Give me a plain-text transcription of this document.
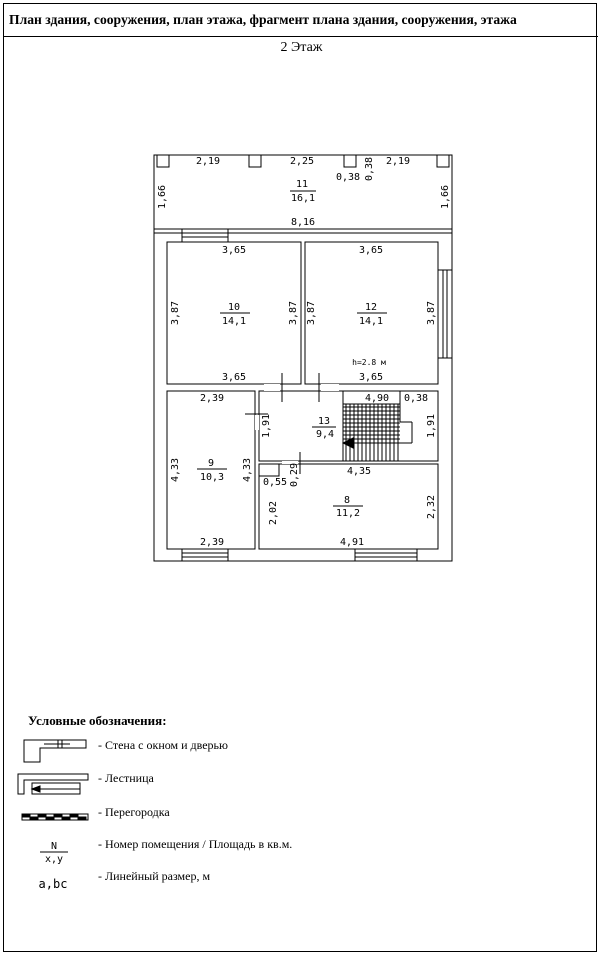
План здания, сооружения, план этажа, фрагмент плана здания, сооружения, этажа
2 Этаж
11
16,1
10
14,1
12
14,1
13
9,4
9
10,3
8
11,2
2,19	2,25	2,19
0,38 0,38
1,66	1,66
8,16
3,65
3,65
3,87	3,87
3,65
3,65
3,87	3,87
h=2.8 м
2,39
2,39
4,33	4,33
4,90 0,38
1,91	1,91
4,35
4,91
2,02	2,32
0,55 0,29
N
x,y
a,bc
Условные обозначения:
- Стена с окном и дверью
- Лестница
- Перегородка
- Номер помещения / Площадь в кв.м.
- Линейный размер, м
